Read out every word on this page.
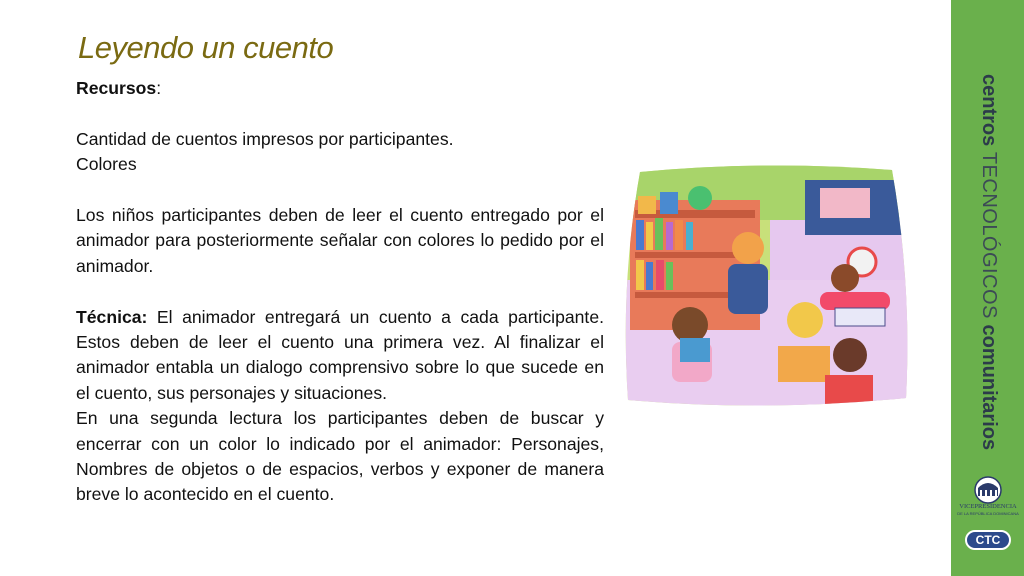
Leyendo un cuento

Recursos:

Cantidad de cuentos impresos por participantes.

Colores

Los niños participantes deben de leer el cuento entregado por el animador para posteriormente señalar con colores lo pedido por el animador.

Técnica: El animador entregará un cuento a cada participante. Estos deben de leer el cuento una primera vez. Al finalizar el animador entabla un dialogo comprensivo sobre lo que sucede en el cuento, sus personajes y situaciones.

En una segunda lectura los participantes deben de buscar y encerrar con un color lo indicado por el animador: Personajes, Nombres de objetos o de espacios, verbos y exponer de manera breve lo acontecido en el cuento.

centros TECNOLÓGICOS comunitarios
VICEPRESIDENCIA
DE LA REPÚBLICA DOMINICANA
CTC
